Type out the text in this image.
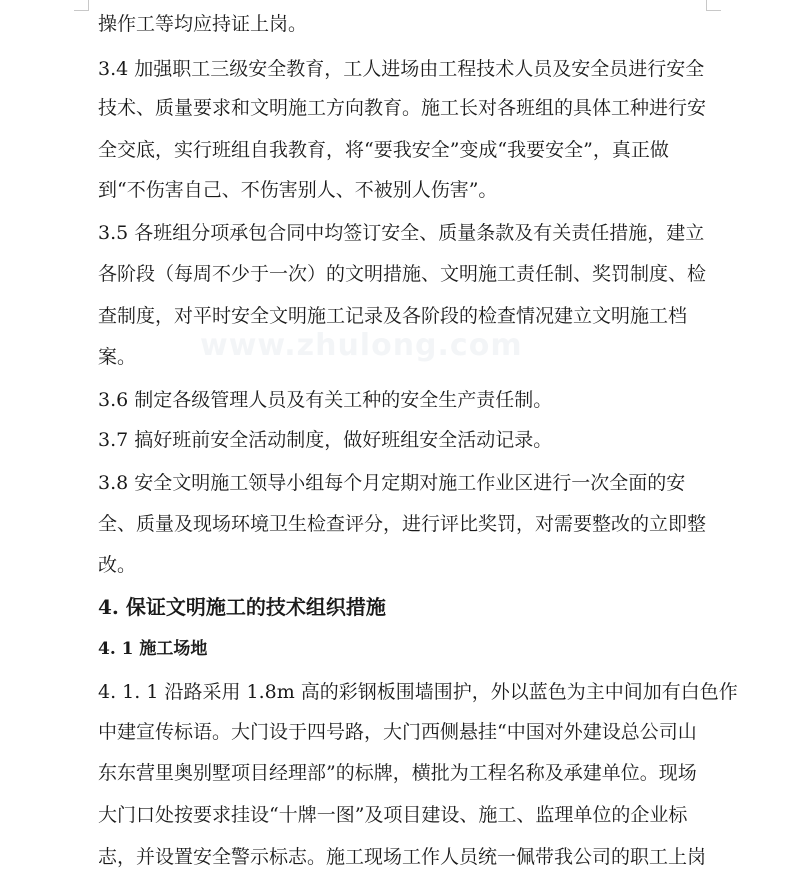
www.zhulong.com
操作工等均应持证上岗。
3.4 加强职工三级安全教育，工人进场由工程技术人员及安全员进行安全
技术、质量要求和文明施工方向教育。施工长对各班组的具体工种进行安
全交底，实行班组自我教育，将“要我安全”变成“我要安全”，真正做
到“不伤害自己、不伤害别人、不被别人伤害”。
3.5 各班组分项承包合同中均签订安全、质量条款及有关责任措施，建立
各阶段（每周不少于一次）的文明措施、文明施工责任制、奖罚制度、检
查制度，对平时安全文明施工记录及各阶段的检查情况建立文明施工档
案。
3.6 制定各级管理人员及有关工种的安全生产责任制。
3.7 搞好班前安全活动制度，做好班组安全活动记录。
3.8 安全文明施工领导小组每个月定期对施工作业区进行一次全面的安
全、质量及现场环境卫生检查评分，进行评比奖罚，对需要整改的立即整
改。
4. 保证文明施工的技术组织措施
4. 1 施工场地
4. 1. 1 沿路采用 1.8m 高的彩钢板围墙围护，外以蓝色为主中间加有白色作
中建宣传标语。大门设于四号路，大门西侧悬挂“中国对外建设总公司山
东东营里奥别墅项目经理部”的标牌，横批为工程名称及承建单位。现场
大门口处按要求挂设“十牌一图”及项目建设、施工、监理单位的企业标
志，并设置安全警示标志。施工现场工作人员统一佩带我公司的职工上岗
